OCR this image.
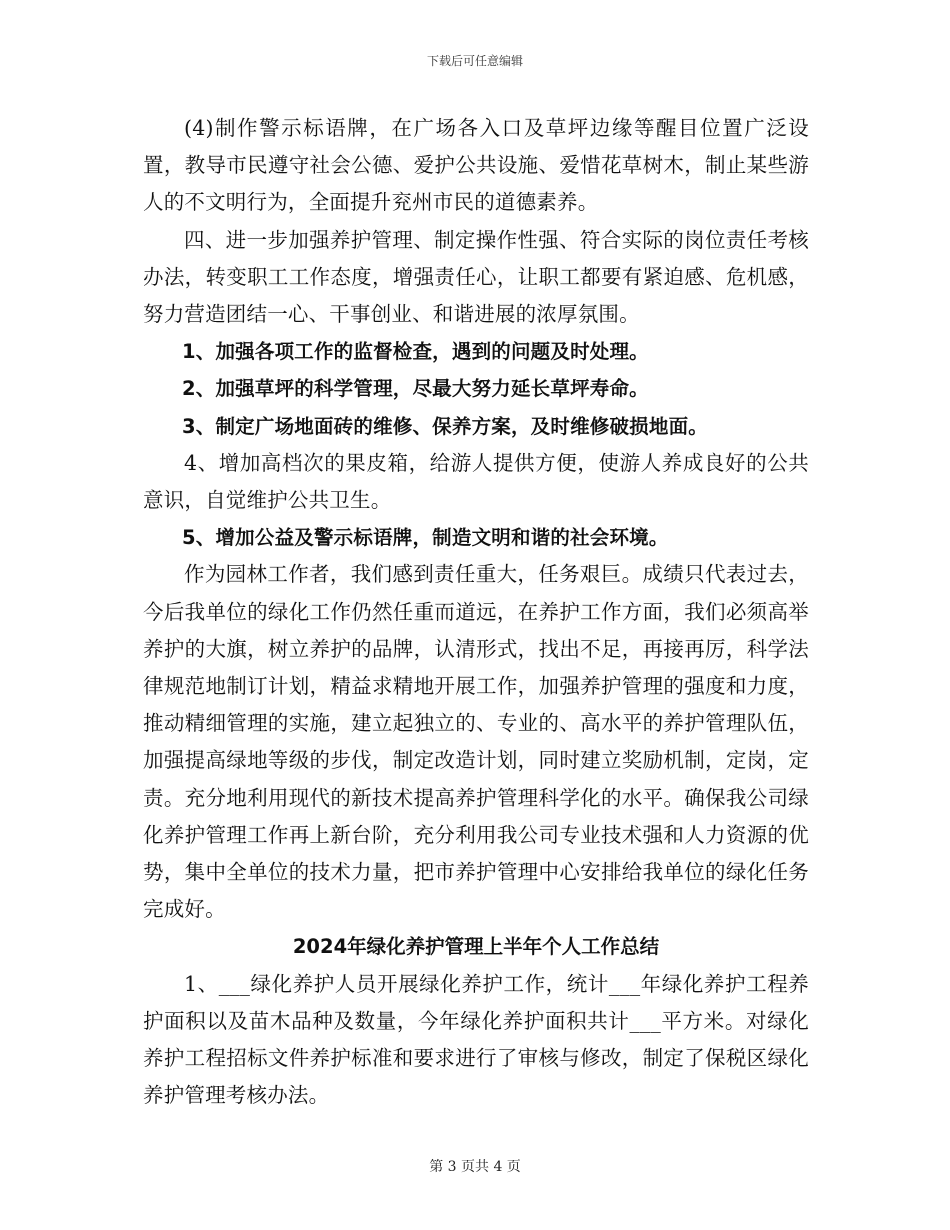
下载后可任意编辑

(4)制作警示标语牌，在广场各入口及草坪边缘等醒目位置广泛设置，教导市民遵守社会公德、爱护公共设施、爱惜花草树木，制止某些游人的不文明行为，全面提升兖州市民的道德素养。

四、进一步加强养护管理、制定操作性强、符合实际的岗位责任考核办法，转变职工工作态度，增强责任心，让职工都要有紧迫感、危机感，努力营造团结一心、干事创业、和谐进展的浓厚氛围。

1、加强各项工作的监督检查，遇到的问题及时处理。

2、加强草坪的科学管理，尽最大努力延长草坪寿命。

3、制定广场地面砖的维修、保养方案，及时维修破损地面。

4、增加高档次的果皮箱，给游人提供方便，使游人养成良好的公共意识，自觉维护公共卫生。

5、增加公益及警示标语牌，制造文明和谐的社会环境。

作为园林工作者，我们感到责任重大，任务艰巨。成绩只代表过去，今后我单位的绿化工作仍然任重而道远，在养护工作方面，我们必须高举养护的大旗，树立养护的品牌，认清形式，找出不足，再接再厉，科学法律规范地制订计划，精益求精地开展工作，加强养护管理的强度和力度，推动精细管理的实施，建立起独立的、专业的、高水平的养护管理队伍，加强提高绿地等级的步伐，制定改造计划，同时建立奖励机制，定岗，定责。充分地利用现代的新技术提高养护管理科学化的水平。确保我公司绿化养护管理工作再上新台阶，充分利用我公司专业技术强和人力资源的优势，集中全单位的技术力量，把市养护管理中心安排给我单位的绿化任务完成好。

2024年绿化养护管理上半年个人工作总结

1、___绿化养护人员开展绿化养护工作，统计___年绿化养护工程养护面积以及苗木品种及数量，今年绿化养护面积共计___平方米。对绿化养护工程招标文件养护标准和要求进行了审核与修改，制定了保税区绿化养护管理考核办法。

第 3 页共 4 页
